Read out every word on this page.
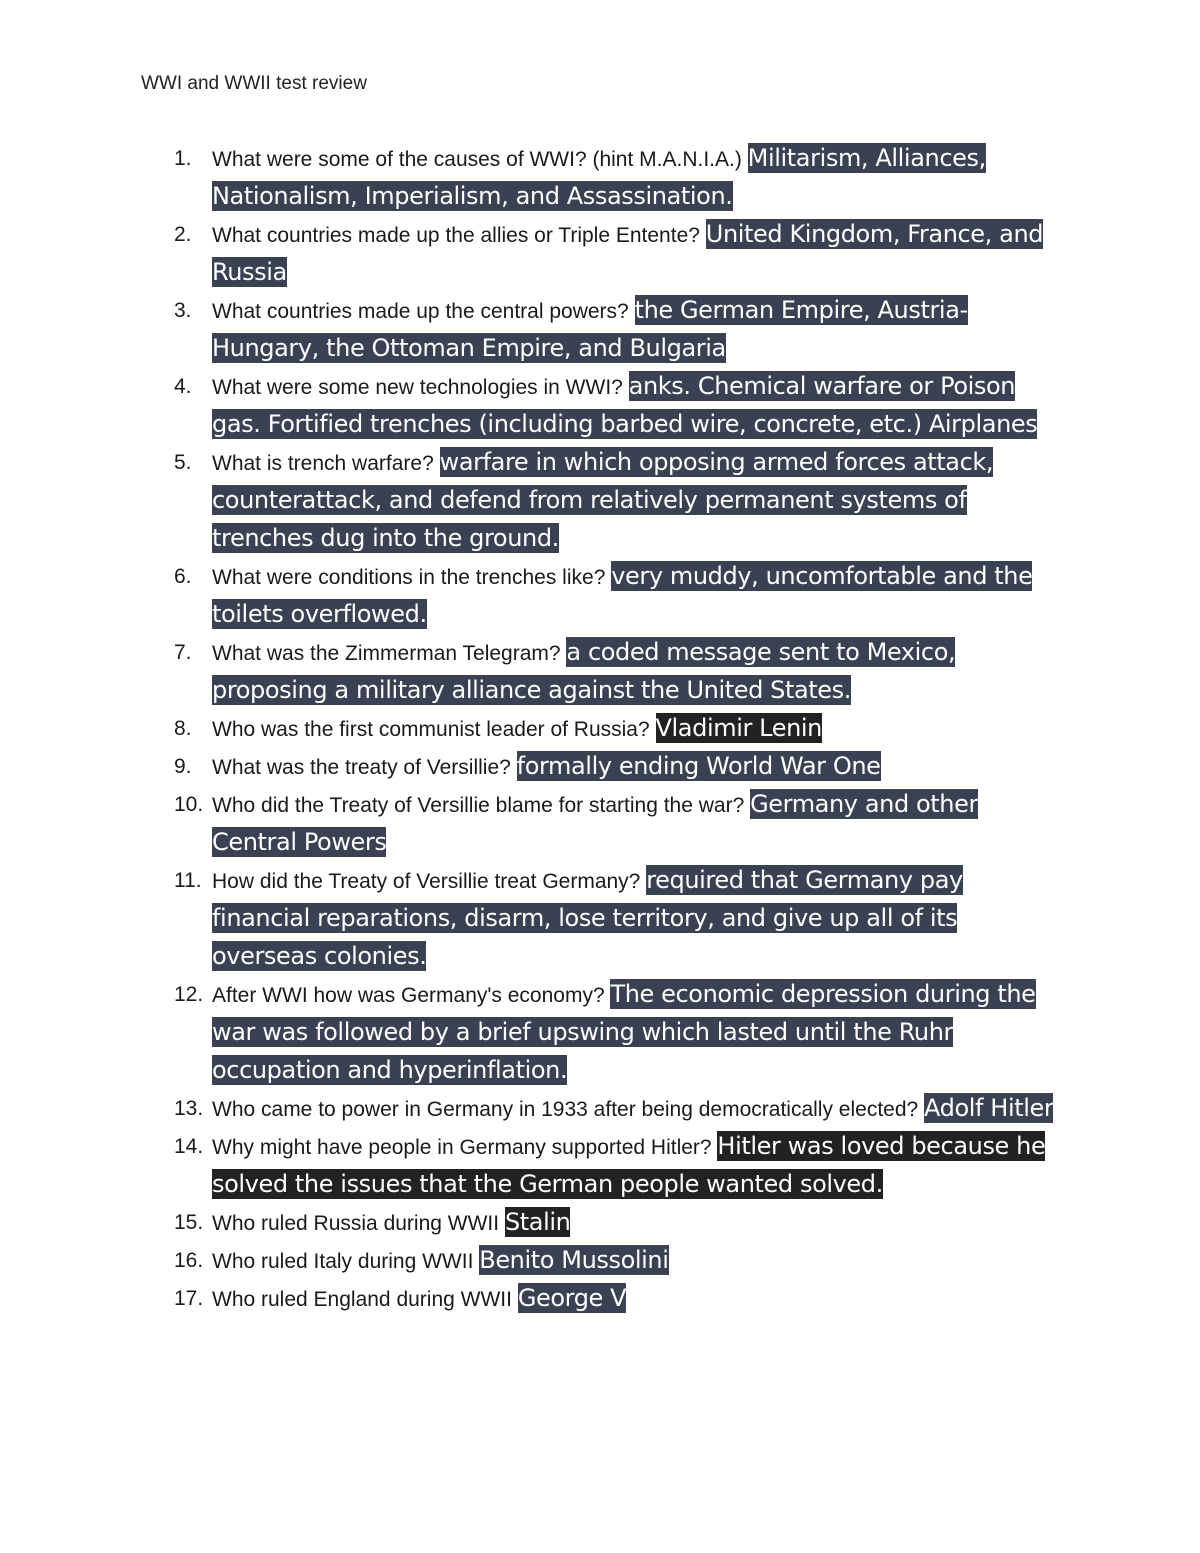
WWI and WWII test review
1. What were some of the causes of WWI? (hint M.A.N.I.A.) Militarism, Alliances, Nationalism, Imperialism, and Assassination.
2. What countries made up the allies or Triple Entente? United Kingdom, France, and Russia
3. What countries made up the central powers? the German Empire, Austria-Hungary, the Ottoman Empire, and Bulgaria
4. What were some new technologies in WWI? anks. Chemical warfare or Poison gas. Fortified trenches (including barbed wire, concrete, etc.) Airplanes
5. What is trench warfare? warfare in which opposing armed forces attack, counterattack, and defend from relatively permanent systems of trenches dug into the ground.
6. What were conditions in the trenches like? very muddy, uncomfortable and the toilets overflowed.
7. What was the Zimmerman Telegram? a coded message sent to Mexico, proposing a military alliance against the United States.
8. Who was the first communist leader of Russia? Vladimir Lenin
9. What was the treaty of Versillie? formally ending World War One
10. Who did the Treaty of Versillie blame for starting the war? Germany and other Central Powers
11. How did the Treaty of Versillie treat Germany? required that Germany pay financial reparations, disarm, lose territory, and give up all of its overseas colonies.
12. After WWI how was Germany's economy? The economic depression during the war was followed by a brief upswing which lasted until the Ruhr occupation and hyperinflation.
13. Who came to power in Germany in 1933 after being democratically elected? Adolf Hitler
14. Why might have people in Germany supported Hitler? Hitler was loved because he solved the issues that the German people wanted solved.
15. Who ruled Russia during WWII Stalin
16. Who ruled Italy during WWII Benito Mussolini
17. Who ruled England during WWII George V
